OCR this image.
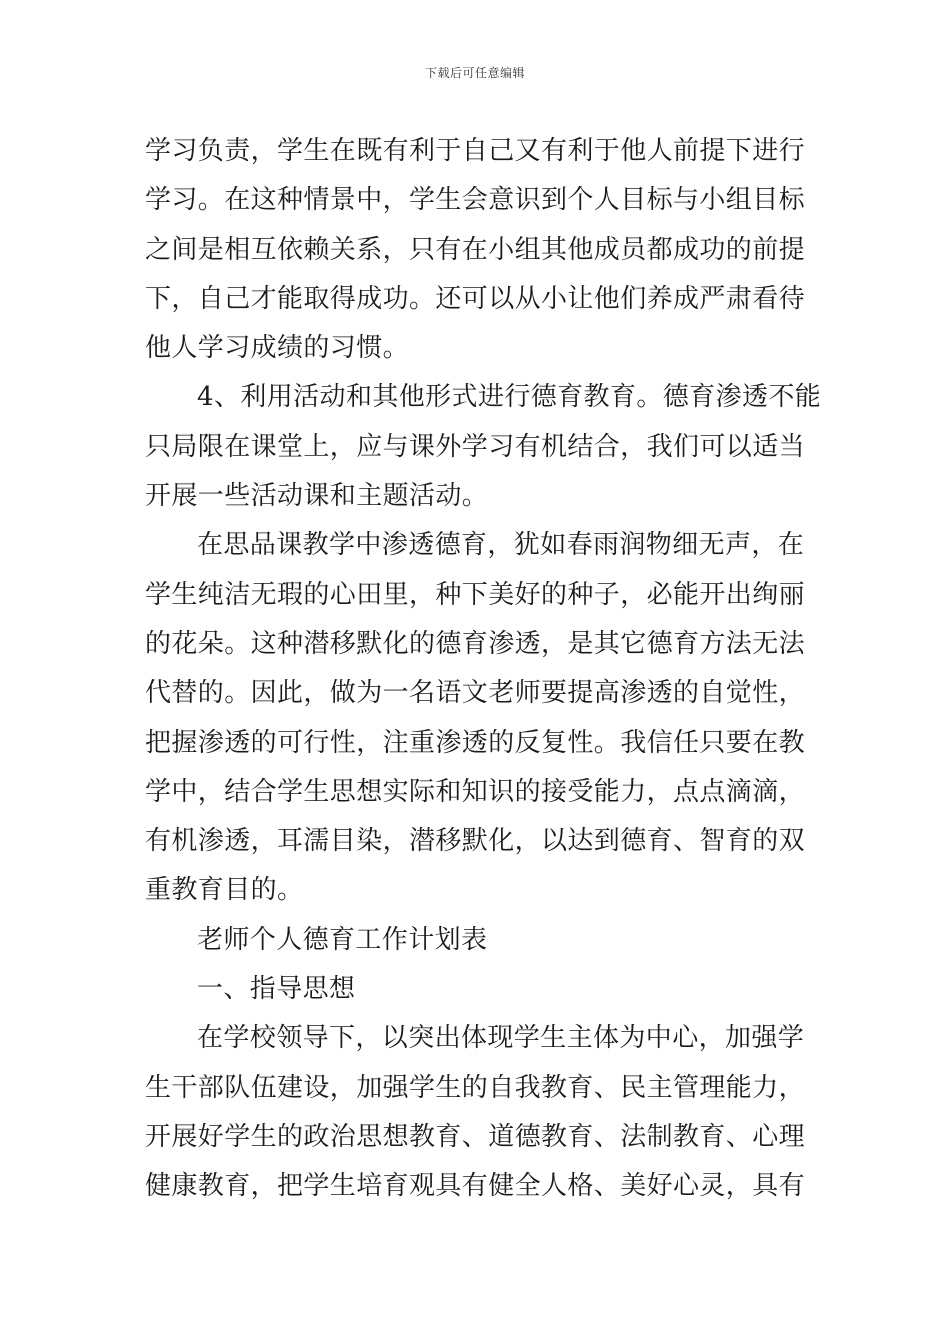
下载后可任意编辑
学习负责，学生在既有利于自己又有利于他人前提下进行
学习。在这种情景中，学生会意识到个人目标与小组目标
之间是相互依赖关系，只有在小组其他成员都成功的前提
下，自己才能取得成功。还可以从小让他们养成严肃看待
他人学习成绩的习惯。
4、利用活动和其他形式进行德育教育。德育渗透不能
只局限在课堂上，应与课外学习有机结合，我们可以适当
开展一些活动课和主题活动。
在思品课教学中渗透德育，犹如春雨润物细无声，在
学生纯洁无瑕的心田里，种下美好的种子，必能开出绚丽
的花朵。这种潜移默化的德育渗透，是其它德育方法无法
代替的。因此，做为一名语文老师要提高渗透的自觉性，
把握渗透的可行性，注重渗透的反复性。我信任只要在教
学中，结合学生思想实际和知识的接受能力，点点滴滴，
有机渗透，耳濡目染，潜移默化，以达到德育、智育的双
重教育目的。
老师个人德育工作计划表
一、指导思想
在学校领导下，以突出体现学生主体为中心，加强学
生干部队伍建设，加强学生的自我教育、民主管理能力，
开展好学生的政治思想教育、道德教育、法制教育、心理
健康教育，把学生培育观具有健全人格、美好心灵，具有
